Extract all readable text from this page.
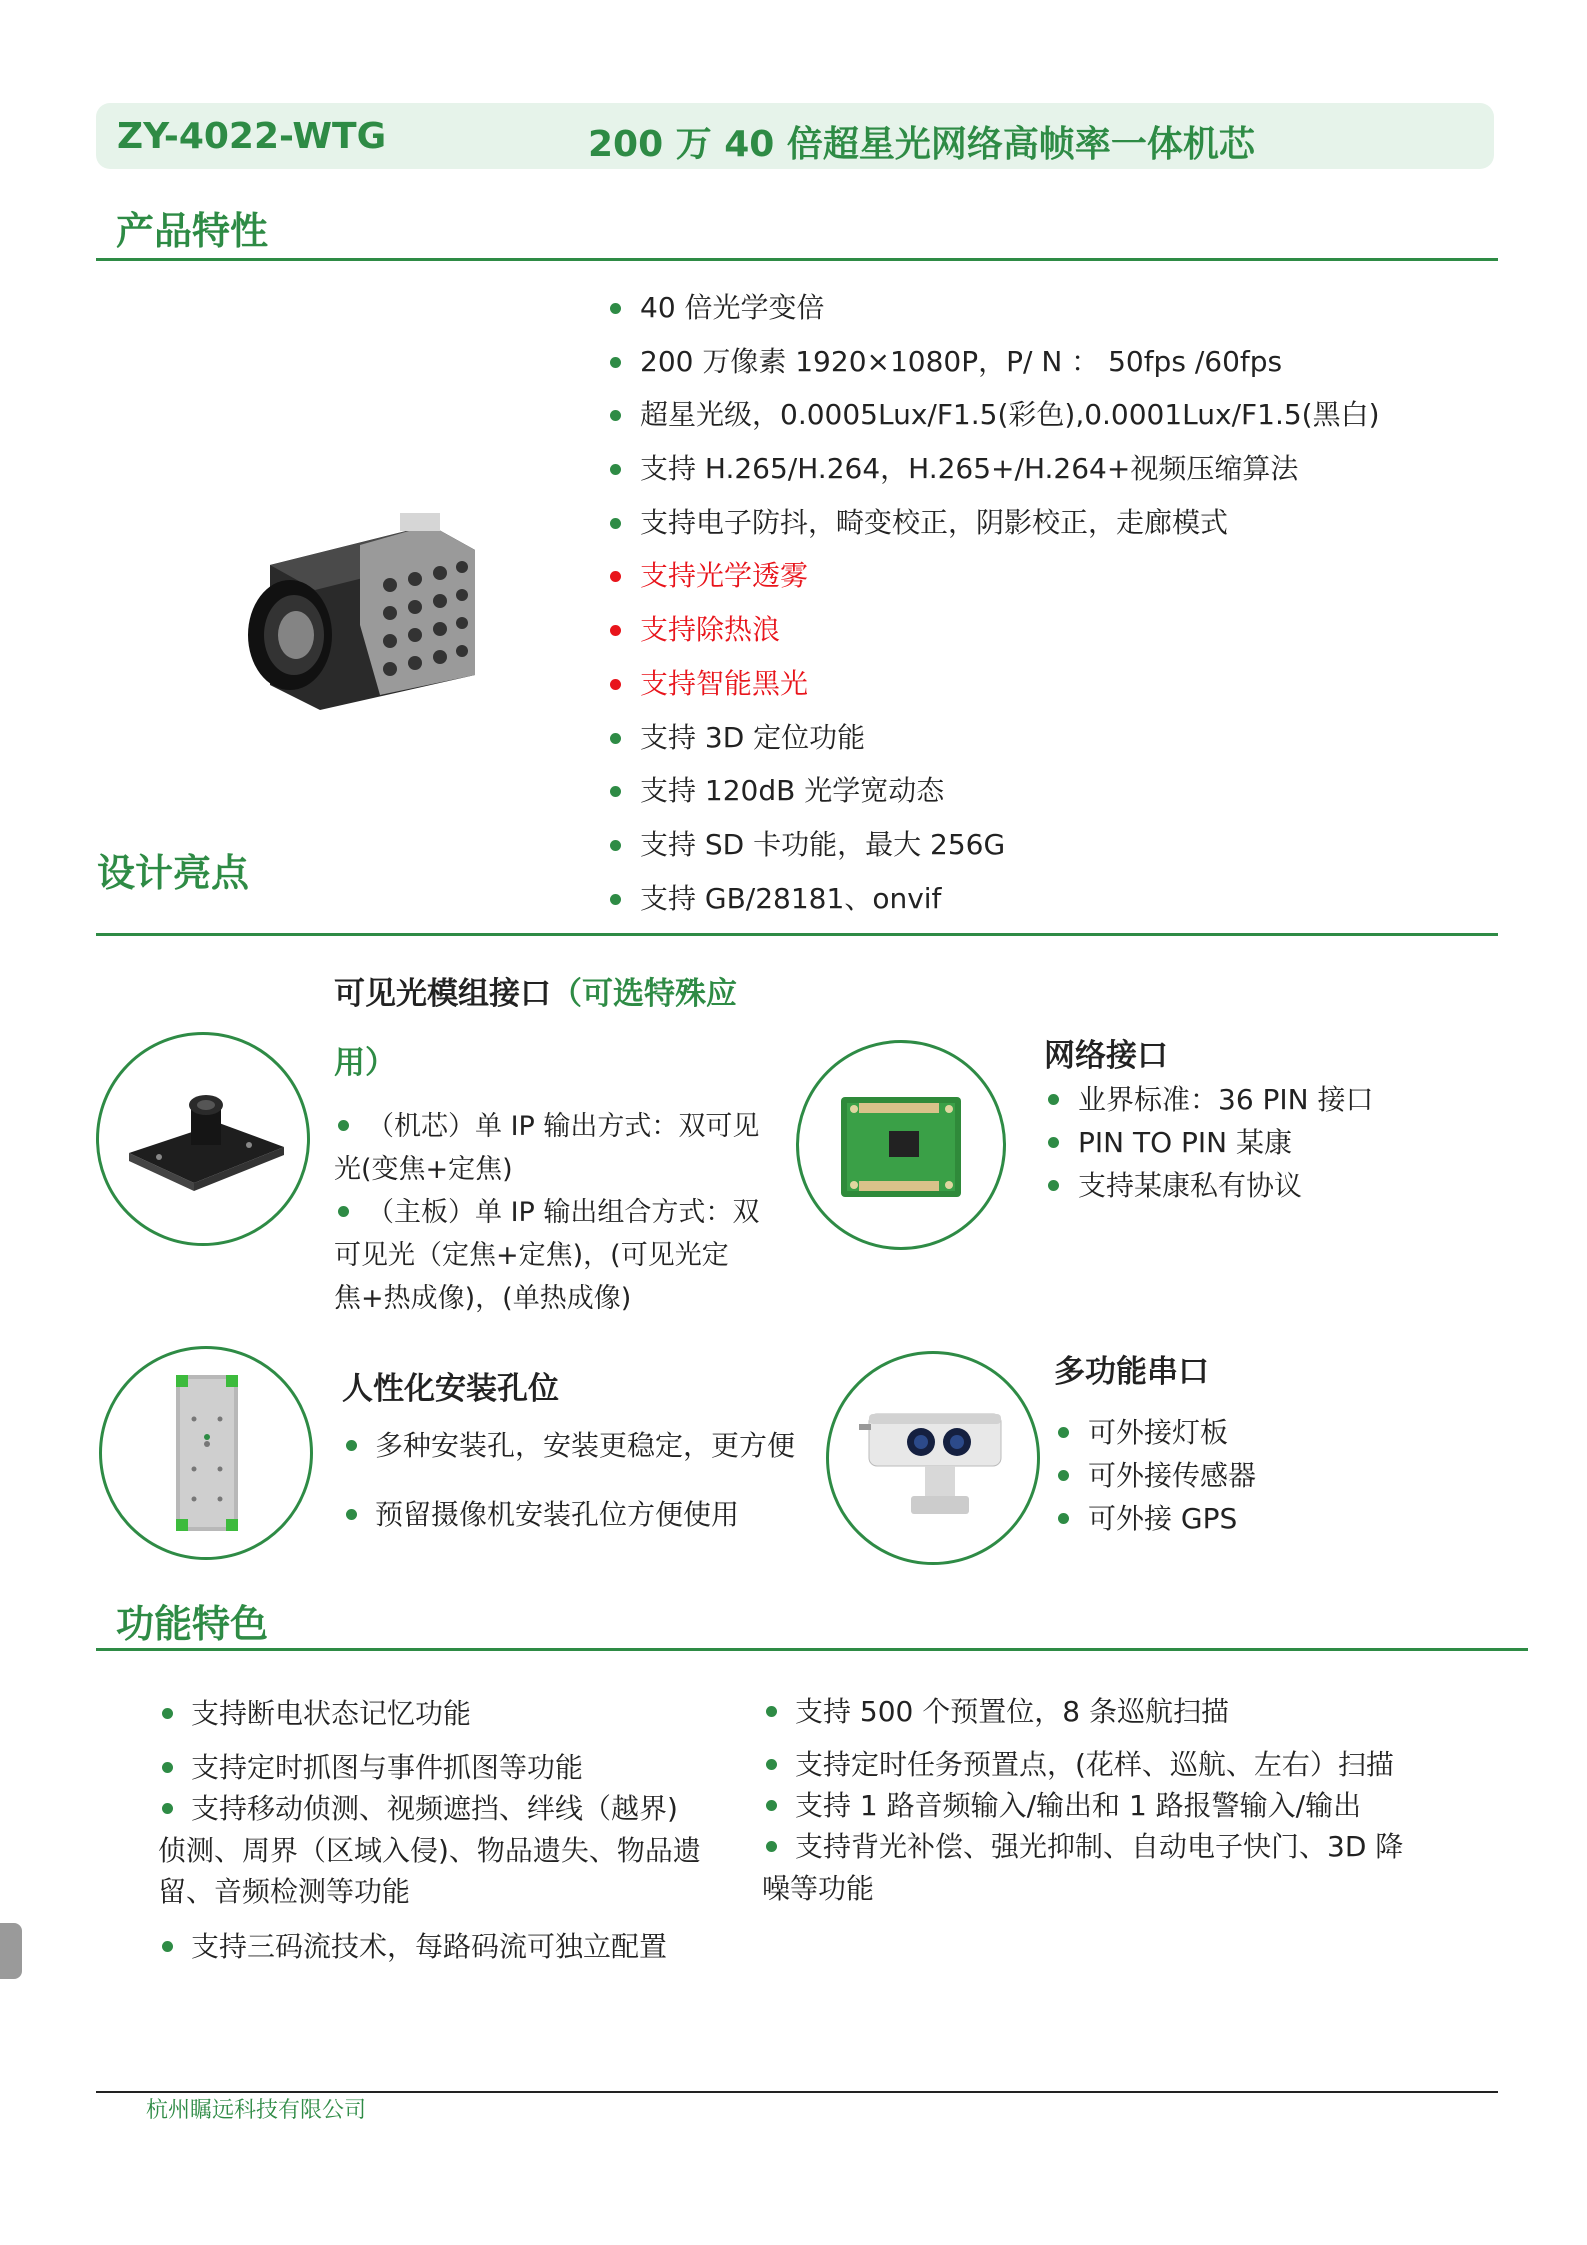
ZY-4022-WTG	200 万 40 倍超星光网络高帧率一体机芯
产品特性
40 倍光学变倍
200 万像素 1920×1080P，P/ N ： 50fps /60fps
超星光级，0.0005Lux/F1.5(彩色),0.0001Lux/F1.5(黑白)
支持 H.265/H.264，H.265+/H.264+视频压缩算法
支持电子防抖，畸变校正，阴影校正，走廊模式
支持光学透雾
支持除热浪
支持智能黑光
支持 3D 定位功能
支持 120dB 光学宽动态
支持 SD 卡功能，最大 256G
支持 GB/28181、onvif
设计亮点
可见光模组接口（可选特殊应
用）
（机芯）单 IP 输出方式：双可见
光(变焦+定焦)
（主板）单 IP 输出组合方式：双
可见光（定焦+定焦)，(可见光定
焦+热成像)，(单热成像)
网络接口
业界标准：36 PIN 接口
PIN TO PIN 某康
支持某康私有协议
人性化安装孔位
多种安装孔，安装更稳定，更方便
预留摄像机安装孔位方便使用
多功能串口
可外接灯板
可外接传感器
可外接 GPS
功能特色
支持断电状态记忆功能
支持定时抓图与事件抓图等功能
支持移动侦测、视频遮挡、绊线（越界)
侦测、周界（区域入侵)、物品遗失、物品遗
留、音频检测等功能
支持三码流技术，每路码流可独立配置
支持 500 个预置位，8 条巡航扫描
支持定时任务预置点，(花样、巡航、左右）扫描
支持 1 路音频输入/输出和 1 路报警输入/输出
支持背光补偿、强光抑制、自动电子快门、3D 降
噪等功能
杭州瞩远科技有限公司
